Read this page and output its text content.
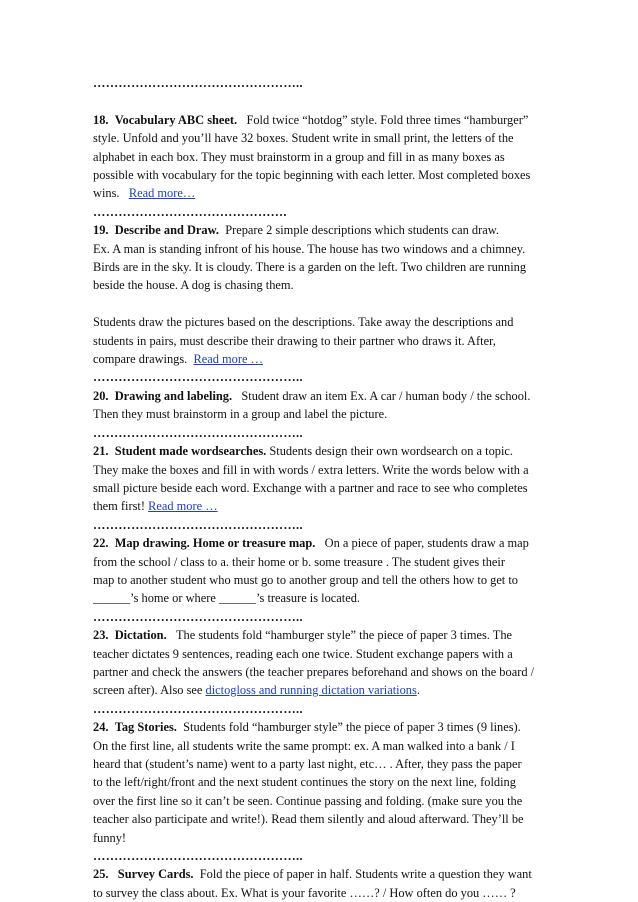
…………………………………………..
18. Vocabulary ABC sheet. Fold twice “hotdog” style. Fold three times “hamburger”
style. Unfold and you’ll have 32 boxes. Student write in small print, the letters of the
alphabet in each box. They must brainstorm in a group and fill in as many boxes as
possible with vocabulary for the topic beginning with each letter. Most completed boxes
wins. Read more…
……………………………………….
19. Describe and Draw. Prepare 2 simple descriptions which students can draw.
Ex. A man is standing infront of his house. The house has two windows and a chimney.
Birds are in the sky. It is cloudy. There is a garden on the left. Two children are running
beside the house. A dog is chasing them.
Students draw the pictures based on the descriptions. Take away the descriptions and
students in pairs, must describe their drawing to their partner who draws it. After,
compare drawings. Read more …
…………………………………………..
20. Drawing and labeling. Student draw an item Ex. A car / human body / the school.
Then they must brainstorm in a group and label the picture.
…………………………………………..
21. Student made wordsearches. Students design their own wordsearch on a topic.
They make the boxes and fill in with words / extra letters. Write the words below with a
small picture beside each word. Exchange with a partner and race to see who completes
them first! Read more …
…………………………………………..
22. Map drawing. Home or treasure map. On a piece of paper, students draw a map
from the school / class to a. their home or b. some treasure . The student gives their
map to another student who must go to another group and tell the others how to get to
______’s home or where ______’s treasure is located.
…………………………………………..
23. Dictation. The students fold “hamburger style” the piece of paper 3 times. The
teacher dictates 9 sentences, reading each one twice. Student exchange papers with a
partner and check the answers (the teacher prepares beforehand and shows on the board /
screen after). Also see dictogloss and running dictation variations.
…………………………………………..
24. Tag Stories. Students fold “hamburger style” the piece of paper 3 times (9 lines).
On the first line, all students write the same prompt: ex. A man walked into a bank / I
heard that (student’s name) went to a party last night, etc… . After, they pass the paper
to the left/right/front and the next student continues the story on the next line, folding
over the first line so it can’t be seen. Continue passing and folding. (make sure you the
teacher also participate and write!). Read them silently and aloud afterward. They’ll be
funny!
…………………………………………..
25. Survey Cards. Fold the piece of paper in half. Students write a question they want
to survey the class about. Ex. What is your favorite ……? / How often do you …… ?
